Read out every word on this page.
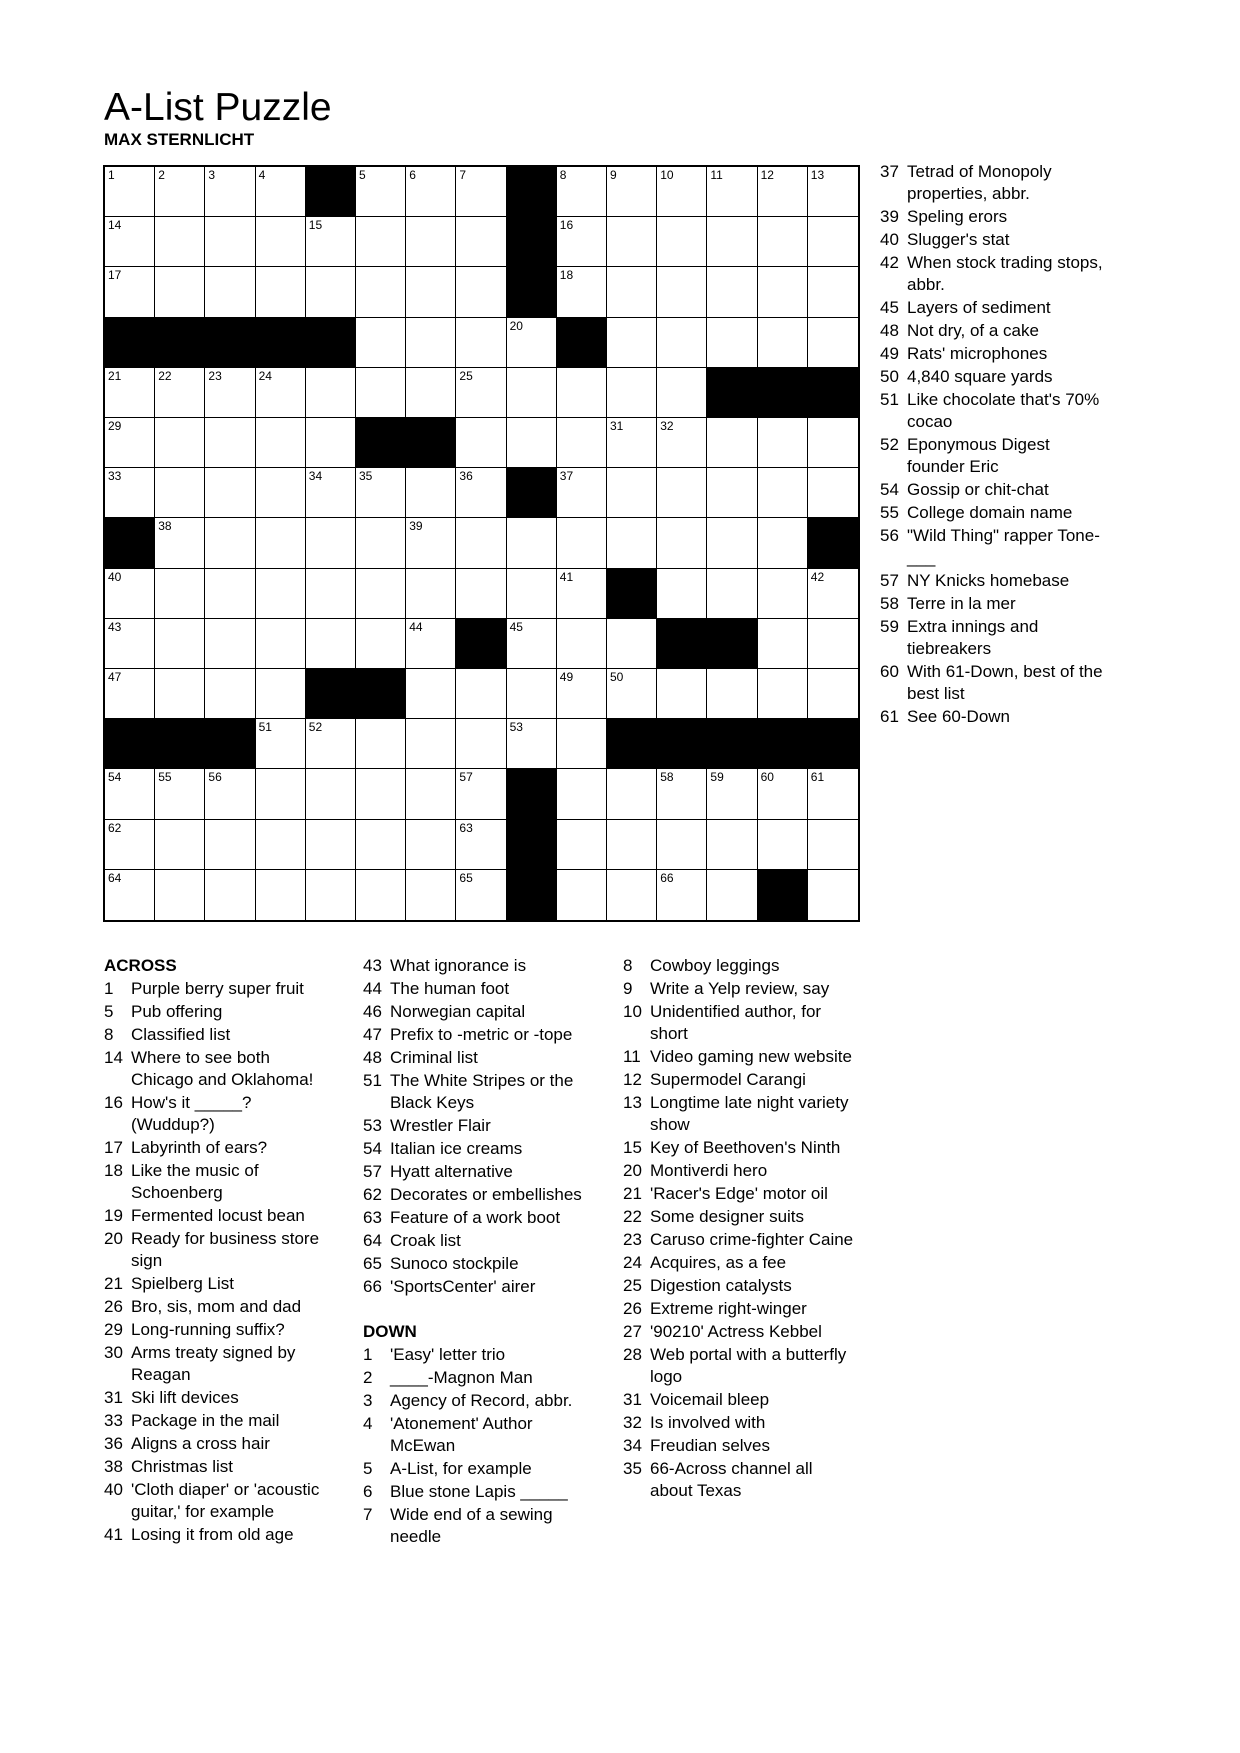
A-List Puzzle
MAX STERNLICHT
1	2	3	4	5	6	7	8	9	10	11	12	13
14	15	16
17	18
20
21	22	23	24	25
29	31	32
33	34	35	36	37
38	39
40	41	42
43	44	45
47	49	50
51	52	53
54	55	56	57	58	59	60	61
62	63
64	65	66
ACROSS
1	Purple berry super fruit
5	Pub offering
8	Classified list
14 Where to see both Chicago and Oklahoma!
16 How's it _____? (Wuddup?)
17 Labyrinth of ears?
18 Like the music of Schoenberg
19 Fermented locust bean
20 Ready for business store sign
21 Spielberg List
26 Bro, sis, mom and dad
29 Long-running suffix?
30 Arms treaty signed by Reagan
31 Ski lift devices
33 Package in the mail
36 Aligns a cross hair
38 Christmas list
40 'Cloth diaper' or 'acoustic guitar,' for example
41 Losing it from old age
43 What ignorance is
44 The human foot
46 Norwegian capital
47 Prefix to -metric or -tope
48 Criminal list
51 The White Stripes or the Black Keys
53 Wrestler Flair
54 Italian ice creams
57 Hyatt alternative
62 Decorates or embellishes
63 Feature of a work boot
64 Croak list
65 Sunoco stockpile
66 'SportsCenter' airer
DOWN
1	'Easy' letter trio
2	____-Magnon Man
3	Agency of Record, abbr.
4	'Atonement' Author McEwan
5	A-List, for example
6	Blue stone Lapis _____
7	Wide end of a sewing needle
8	Cowboy leggings
9	Write a Yelp review, say
10 Unidentified author, for short
11 Video gaming new website
12 Supermodel Carangi
13 Longtime late night variety show
15 Key of Beethoven's Ninth
20 Montiverdi hero
21 'Racer's Edge' motor oil
22 Some designer suits
23 Caruso crime-fighter Caine
24 Acquires, as a fee
25 Digestion catalysts
26 Extreme right-winger
27 '90210' Actress Kebbel
28 Web portal with a butterfly logo
31 Voicemail bleep
32 Is involved with
34 Freudian selves
35 66-Across channel all about Texas
37 Tetrad of Monopoly properties, abbr.
39 Speling erors
40 Slugger's stat
42 When stock trading stops, abbr.
45 Layers of sediment
48 Not dry, of a cake
49 Rats' microphones
50 4,840 square yards
51 Like chocolate that's 70% cocao
52 Eponymous Digest founder Eric
54 Gossip or chit-chat
55 College domain name
56 "Wild Thing" rapper Tone-___
57 NY Knicks homebase
58 Terre in la mer
59 Extra innings and tiebreakers
60 With 61-Down, best of the best list
61 See 60-Down
